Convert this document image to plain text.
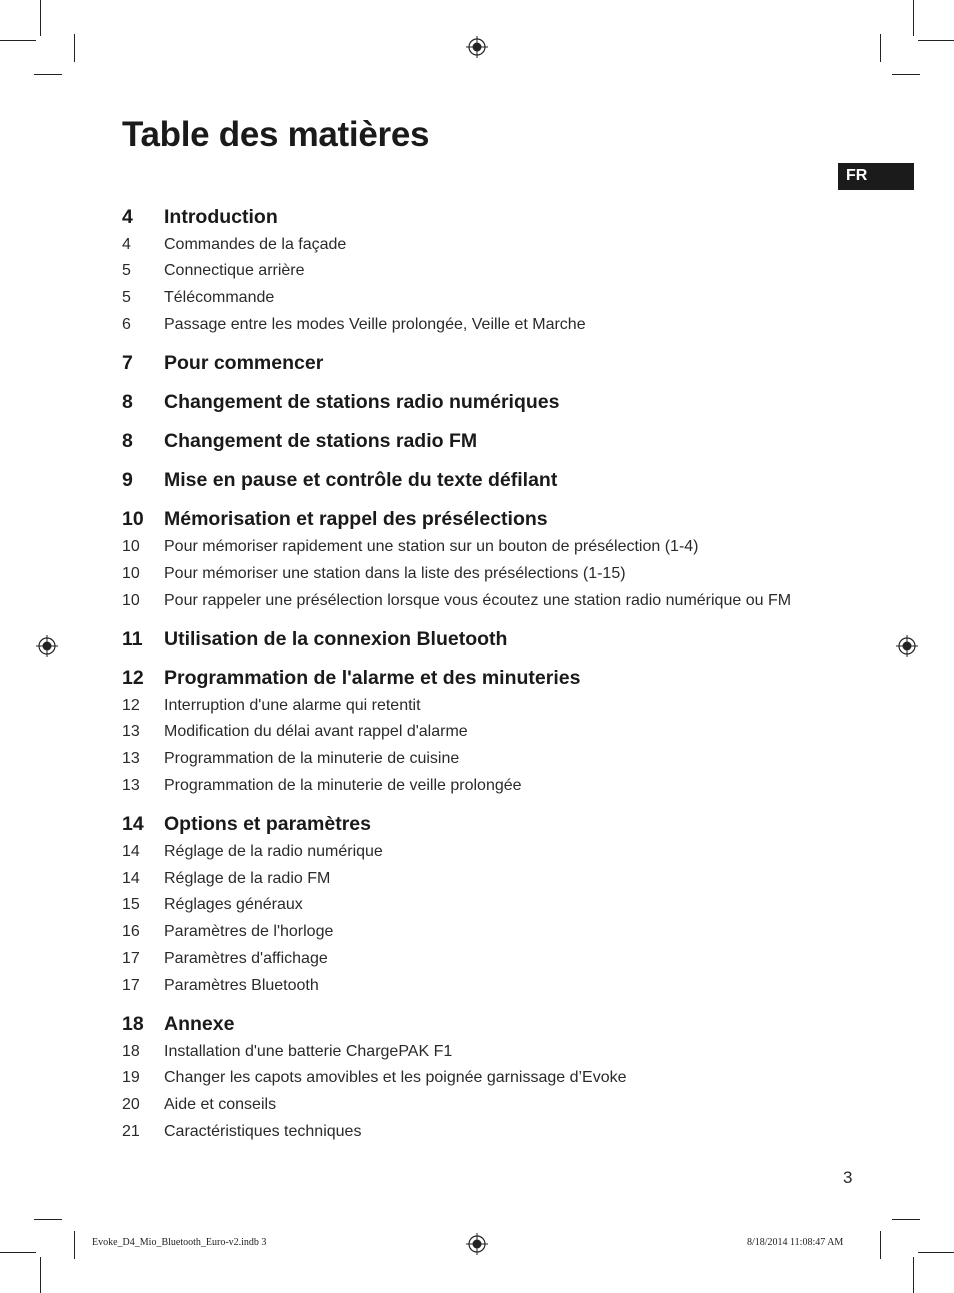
Table des matières
FR
4 Introduction
4 Commandes de la façade
5 Connectique arrière
5 Télécommande
6 Passage entre les modes Veille prolongée, Veille et Marche
7 Pour commencer
8 Changement de stations radio numériques
8 Changement de stations radio FM
9 Mise en pause et contrôle du texte défilant
10 Mémorisation et rappel des présélections
10 Pour mémoriser rapidement une station sur un bouton de présélection (1-4)
10 Pour mémoriser une station dans la liste des présélections (1-15)
10 Pour rappeler une présélection lorsque vous écoutez une station radio numérique ou FM
11 Utilisation de la connexion Bluetooth
12 Programmation de l'alarme et des minuteries
12 Interruption d'une alarme qui retentit
13 Modification du délai avant rappel d'alarme
13 Programmation de la minuterie de cuisine
13 Programmation de la minuterie de veille prolongée
14 Options et paramètres
14 Réglage de la radio numérique
14 Réglage de la radio FM
15 Réglages généraux
16 Paramètres de l'horloge
17 Paramètres d'affichage
17 Paramètres Bluetooth
18 Annexe
18 Installation d'une batterie ChargePAK F1
19 Changer les capots amovibles et les poignée garnissage d’Evoke
20 Aide et conseils
21 Caractéristiques techniques
3
Evoke_D4_Mio_Bluetooth_Euro-v2.indb 3	8/18/2014 11:08:47 AM
